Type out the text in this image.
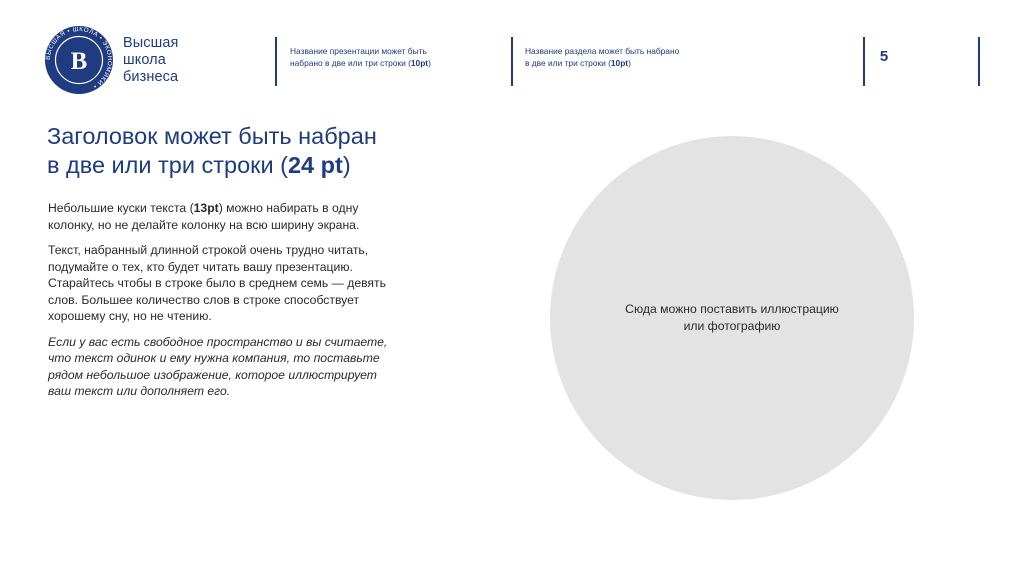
ВЫСШАЯ • ШКОЛА • ЭКОНОМИКИ •
В
Высшая
школа
бизнеса
Название презентации может быть
набрано в две или три строки (10pt)
Название раздела может быть набрано
в две или три строки (10pt)	5
Заголовок может быть набран
в две или три строки (24 pt)

Небольшие куски текста (13pt) можно набирать в одну
колонку, но не делайте колонку на всю ширину экрана.

Текст, набранный длинной строкой очень трудно читать,
подумайте о тех, кто будет читать вашу презентацию.
Старайтесь чтобы в строке было в среднем семь — девять
слов. Большее количество слов в строке способствует
хорошему сну, но не чтению.

Если у вас есть свободное пространство и вы считаете,
что текст одинок и ему нужна компания, то поставьте
рядом небольшое изображение, которое иллюстрирует
ваш текст или дополняет его.

Сюда можно поставить иллюстрацию
или фотографию
